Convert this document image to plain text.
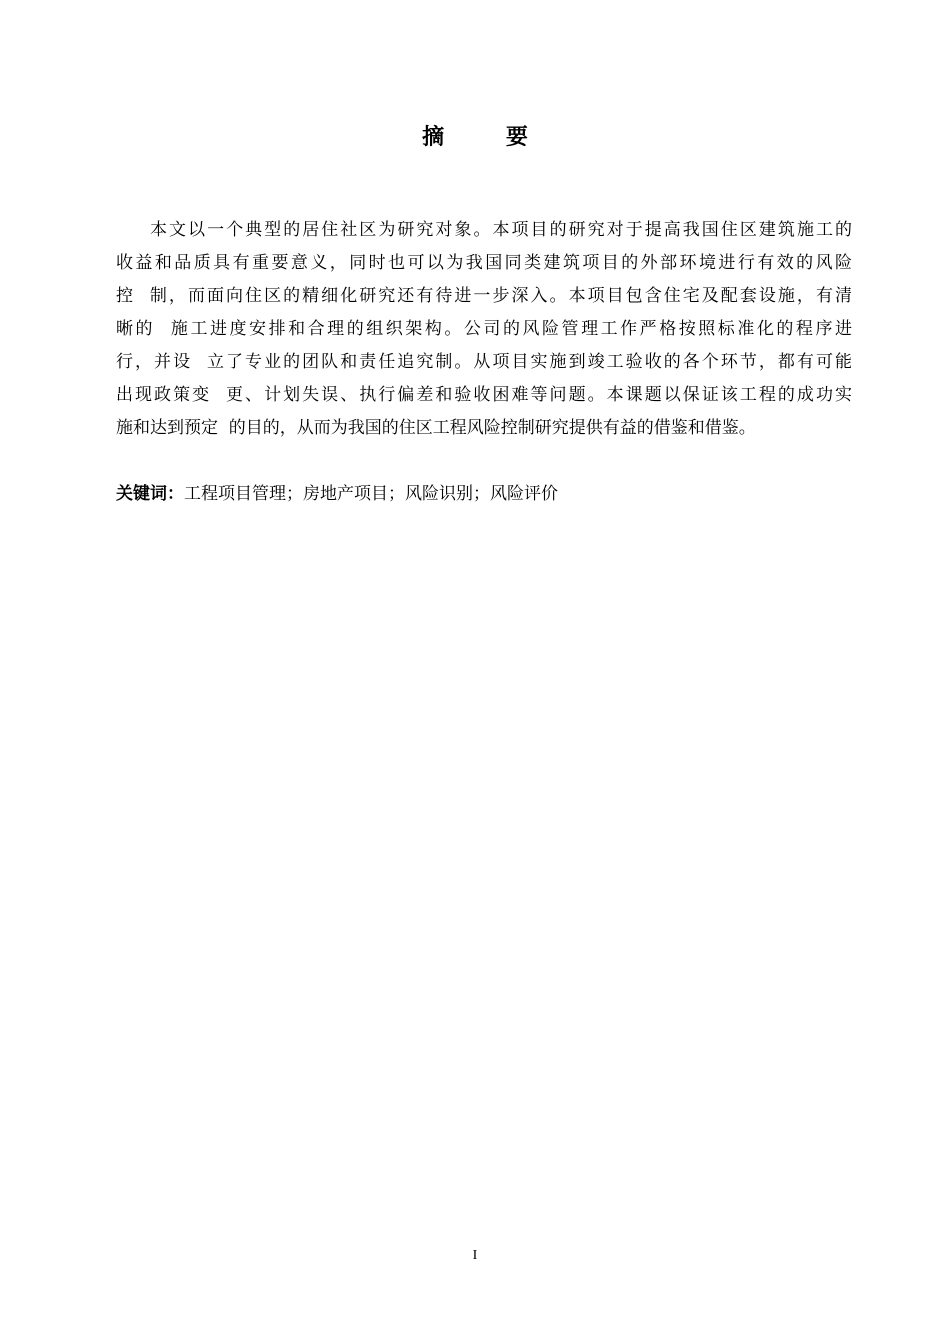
摘 要
本文以一个典型的居住社区为研究对象。本项目的研究对于提高我国住区建筑施工的
收益和品质具有重要意义，同时也可以为我国同类建筑项目的外部环境进行有效的风险
控  制，而面向住区的精细化研究还有待进一步深入。本项目包含住宅及配套设施，有清
晰的  施工进度安排和合理的组织架构。公司的风险管理工作严格按照标准化的程序进
行，并设  立了专业的团队和责任追究制。从项目实施到竣工验收的各个环节，都有可能
出现政策变  更、计划失误、执行偏差和验收困难等问题。本课题以保证该工程的成功实
施和达到预定  的目的，从而为我国的住区工程风险控制研究提供有益的借鉴和借鉴。

关键词：工程项目管理；房地产项目；风险识别；风险评价

I
